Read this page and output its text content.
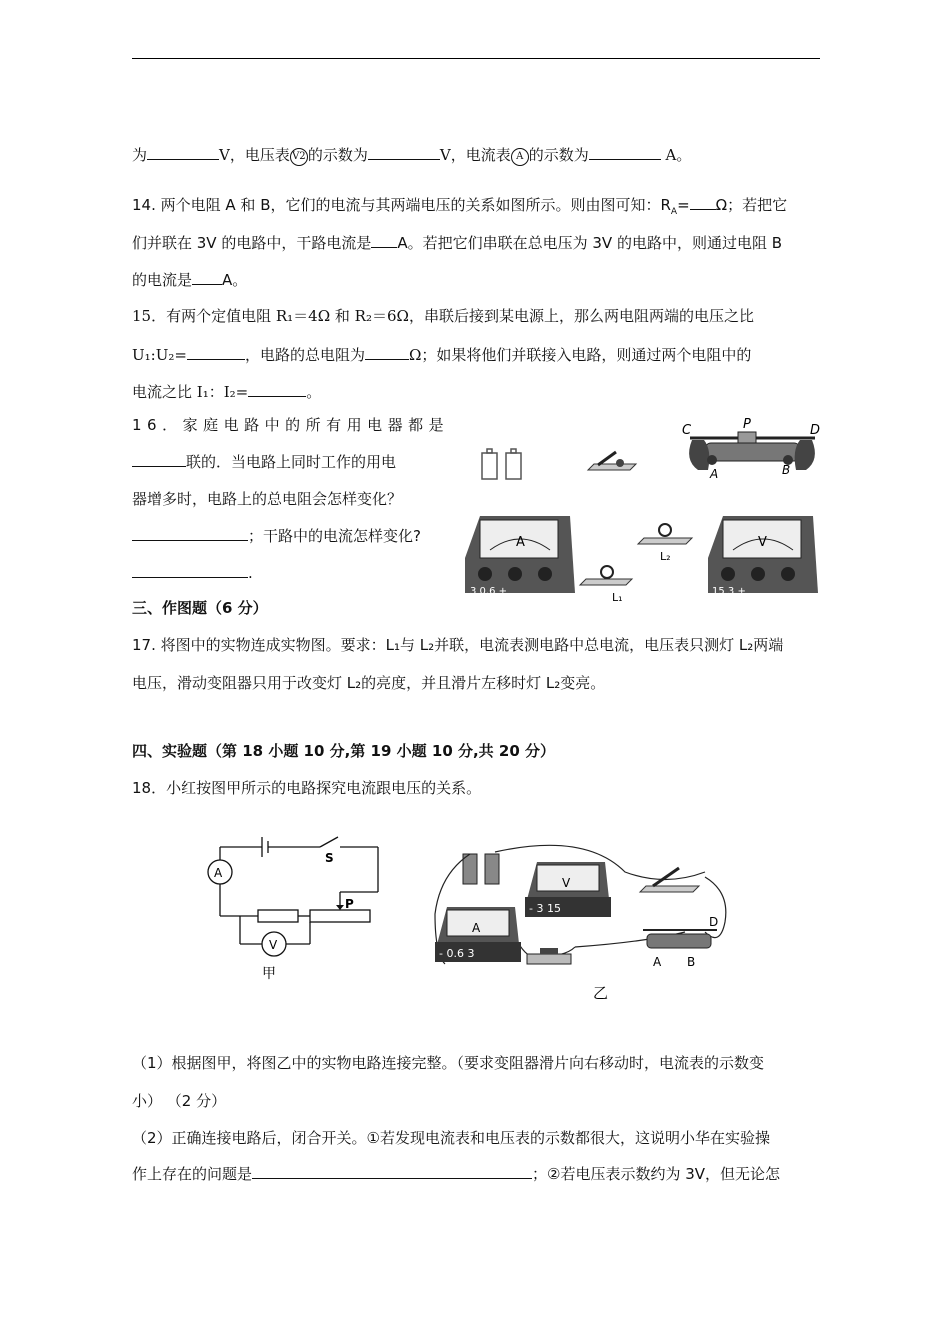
为	V，电压表 V2 的示数为	V，电流表 A 的示数为	A。
14. 两个电阻 A 和 B，它们的电流与其两端电压的关系如图所示。则由图可知：$R_A= \Omega$；若把它
们并联在 3V 的电路中，干路电流是 A。若把它们串联在总电压为 3V 的电路中，则通过电阻 B
的电流是 A。
15．有两个定值电阻 R₁＝4Ω 和 R₂＝6Ω，串联后接到某电源上，那么两电阻两端的电压之比
U₁:U₂=	，电路的总电阻为	Ω；如果将他们并联接入电路，则通过两个电阻中的
电流之比 I₁：I₂=	。
16．家庭电路中的所有用电器都是
联的．当电路上同时工作的用电
器增多时，电路上的总电阻会怎样变化？
；干路中的电流怎样变化?
.
C	P	D
A	B
A
3 0.6 +
L₂
L₁
V
15 3 +
三、作图题（6 分）
17. 将图中的实物连成实物图。要求：L₁与 L₂并联，电流表测电路中总电流，电压表只测灯 L₂两端
电压，滑动变阻器只用于改变灯 L₂的亮度，并且滑片左移时灯 L₂变亮。
四、实验题（第 18 小题 10 分,第 19 小题 10 分,共 20 分）
18．小红按图甲所示的电路探究电流跟电压的关系。
A
V
S
P
甲
A
- 0.6 3
V
- 3 15
A B
D
乙
（1）根据图甲，将图乙中的实物电路连接完整。（要求变阻器滑片向右移动时，电流表的示数变
小） （2 分）
（2）正确连接电路后，闭合开关。①若发现电流表和电压表的示数都很大，这说明小华在实验操
作上存在的问题是	；②若电压表示数约为 3V，但无论怎
